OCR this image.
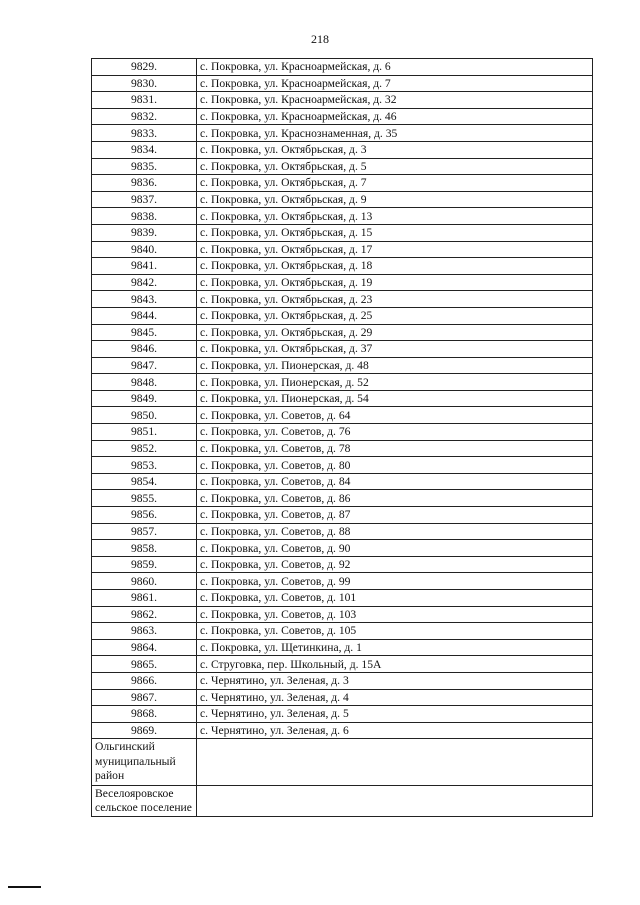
218
9829.	с. Покровка, ул. Красноармейская, д. 6
9830.	с. Покровка, ул. Красноармейская, д. 7
9831.	с. Покровка, ул. Красноармейская, д. 32
9832.	с. Покровка, ул. Красноармейская, д. 46
9833.	с. Покровка, ул. Краснознаменная, д. 35
9834.	с. Покровка, ул. Октябрьская, д. 3
9835.	с. Покровка, ул. Октябрьская, д. 5
9836.	с. Покровка, ул. Октябрьская, д. 7
9837.	с. Покровка, ул. Октябрьская, д. 9
9838.	с. Покровка, ул. Октябрьская, д. 13
9839.	с. Покровка, ул. Октябрьская, д. 15
9840.	с. Покровка, ул. Октябрьская, д. 17
9841.	с. Покровка, ул. Октябрьская, д. 18
9842.	с. Покровка, ул. Октябрьская, д. 19
9843.	с. Покровка, ул. Октябрьская, д. 23
9844.	с. Покровка, ул. Октябрьская, д. 25
9845.	с. Покровка, ул. Октябрьская, д. 29
9846.	с. Покровка, ул. Октябрьская, д. 37
9847.	с. Покровка, ул. Пионерская, д. 48
9848.	с. Покровка, ул. Пионерская, д. 52
9849.	с. Покровка, ул. Пионерская, д. 54
9850.	с. Покровка, ул. Советов, д. 64
9851.	с. Покровка, ул. Советов, д. 76
9852.	с. Покровка, ул. Советов, д. 78
9853.	с. Покровка, ул. Советов, д. 80
9854.	с. Покровка, ул. Советов, д. 84
9855.	с. Покровка, ул. Советов, д. 86
9856.	с. Покровка, ул. Советов, д. 87
9857.	с. Покровка, ул. Советов, д. 88
9858.	с. Покровка, ул. Советов, д. 90
9859.	с. Покровка, ул. Советов, д. 92
9860.	с. Покровка, ул. Советов, д. 99
9861.	с. Покровка, ул. Советов, д. 101
9862.	с. Покровка, ул. Советов, д. 103
9863.	с. Покровка, ул. Советов, д. 105
9864.	с. Покровка, ул. Щетинкина, д. 1
9865.	с. Струговка, пер. Школьный, д. 15А
9866.	с. Чернятино, ул. Зеленая, д. 3
9867.	с. Чернятино, ул. Зеленая, д. 4
9868.	с. Чернятино, ул. Зеленая, д. 5
9869.	с. Чернятино, ул. Зеленая, д. 6
Ольгинский муниципальный район	
Веселояровское сельское поселение	
